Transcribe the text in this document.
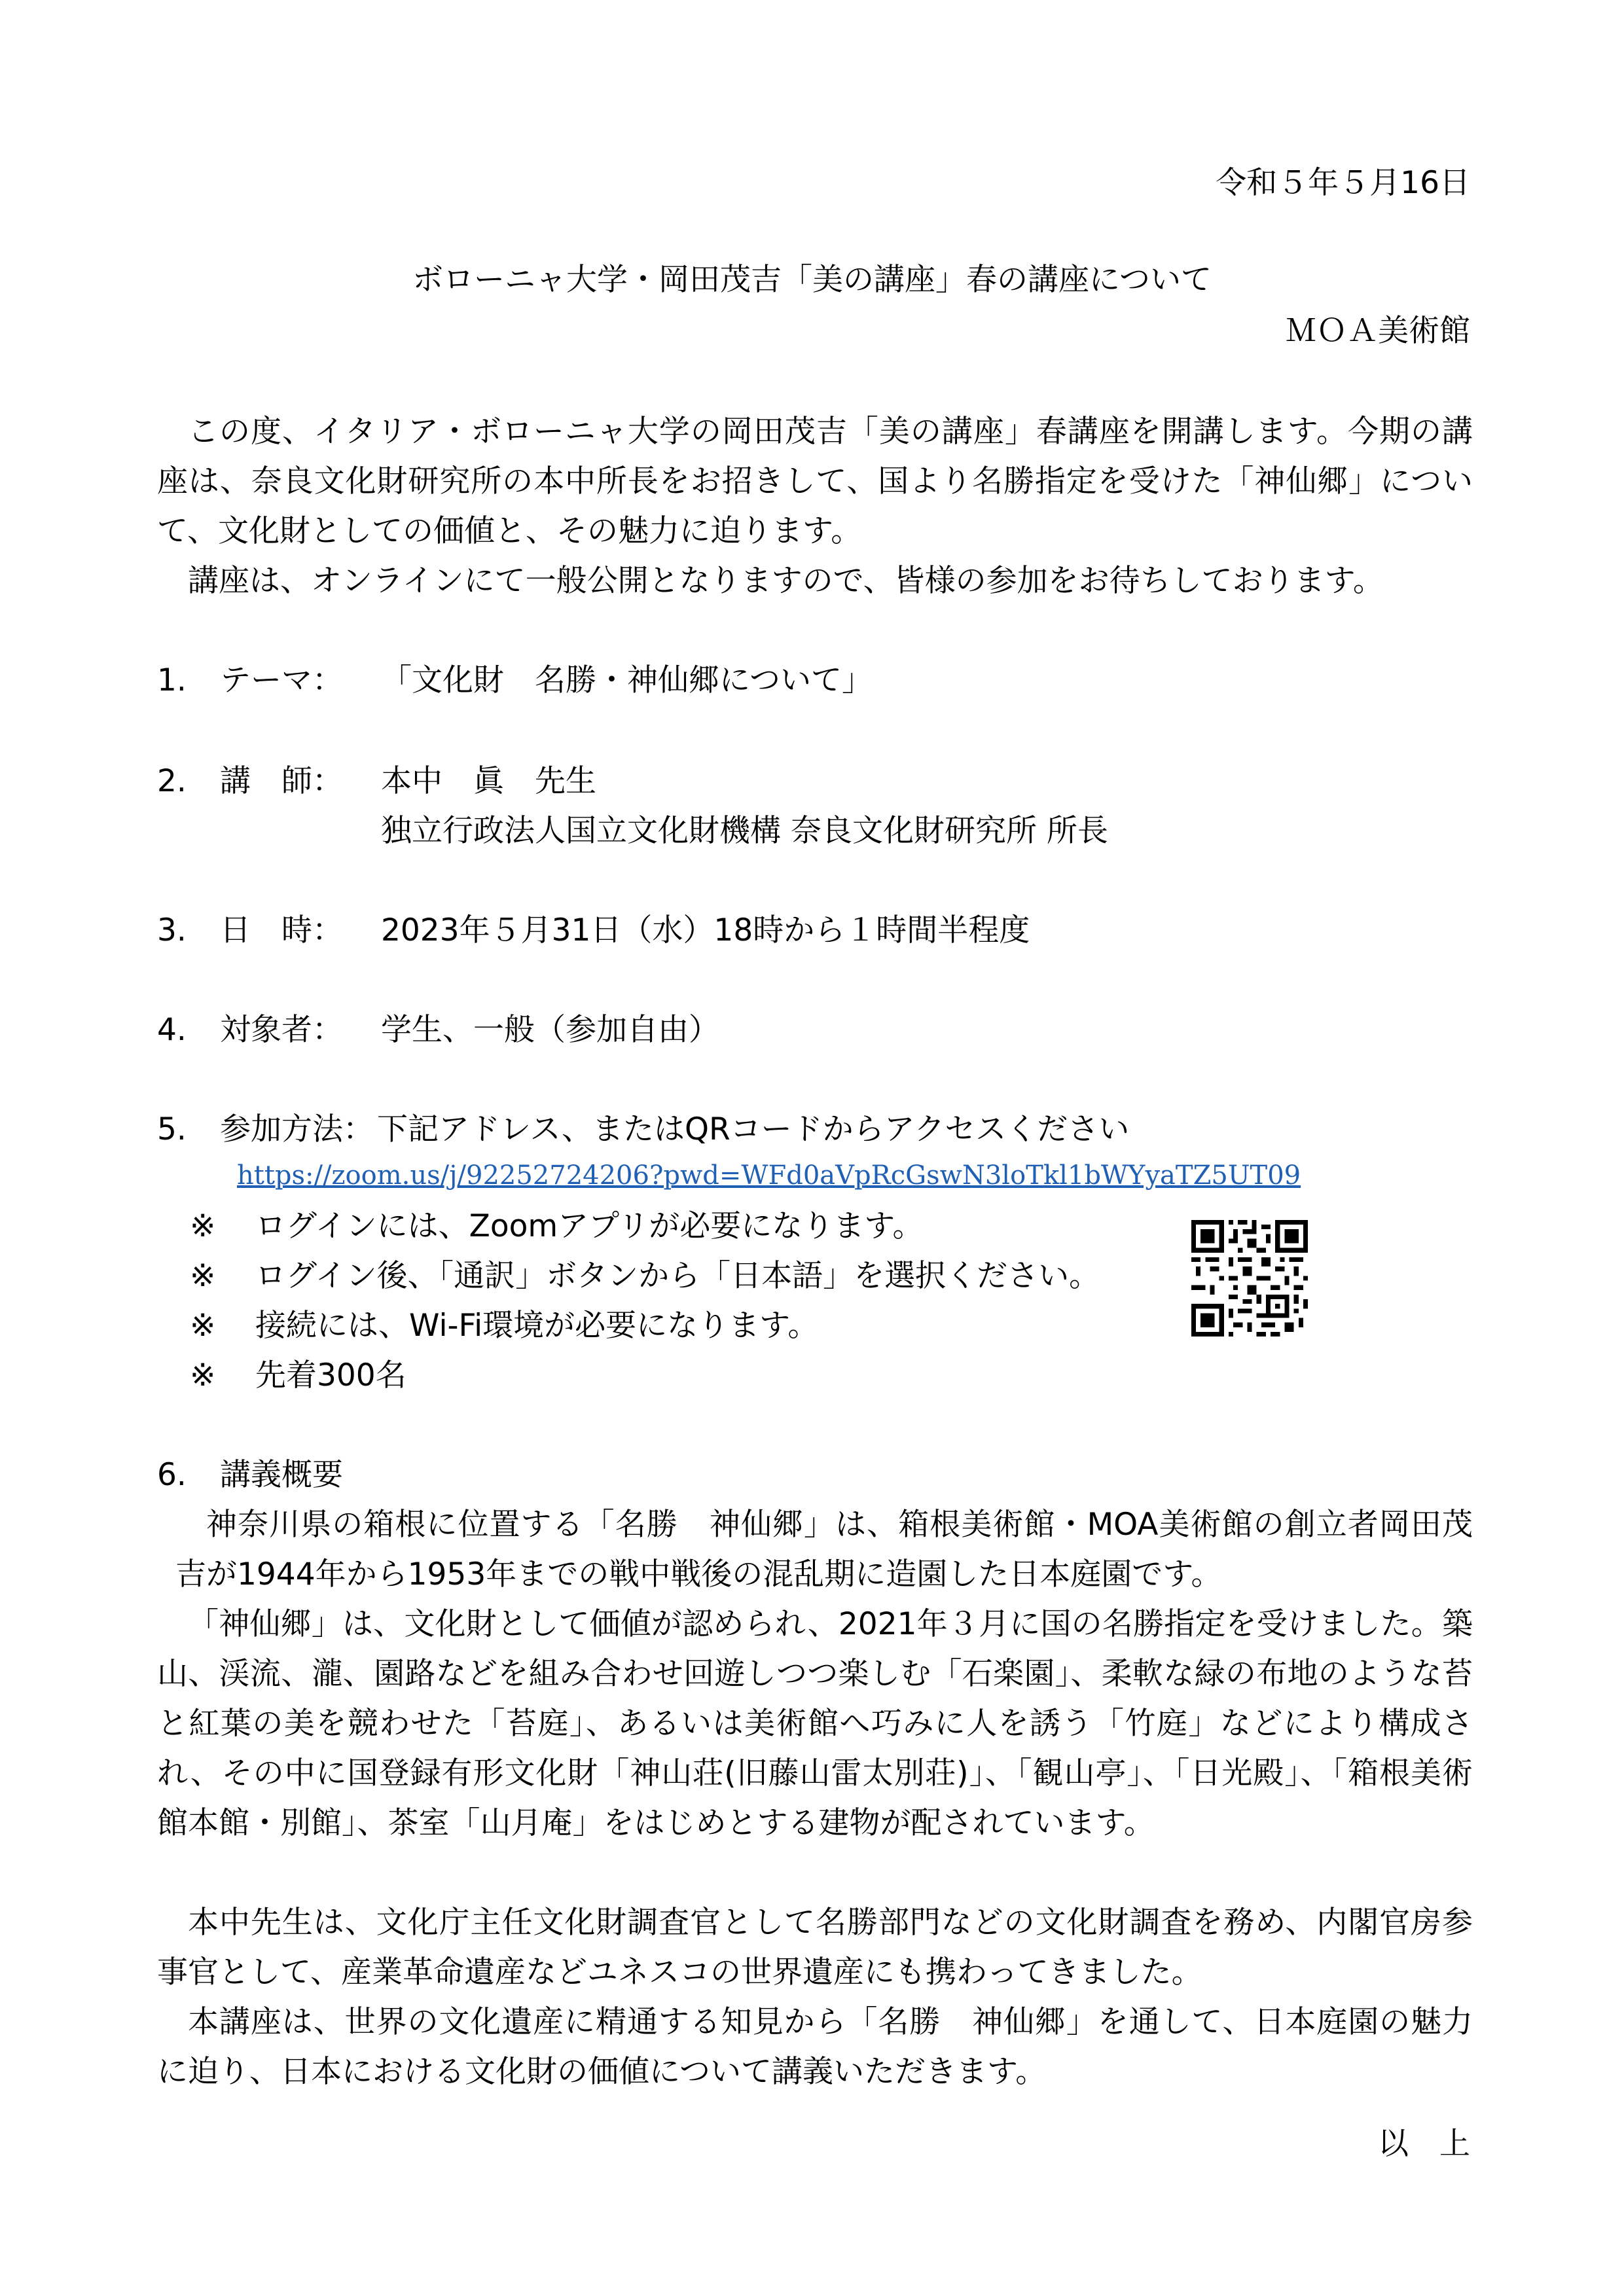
令和５年５月16日
ボローニャ大学・岡田茂吉「美の講座」春の講座について
ＭＯＡ美術館
この度、イタリア・ボローニャ大学の岡田茂吉「美の講座」春講座を開講します。今期の講座は、奈良文化財研究所の本中所長をお招きして、国より名勝指定を受けた「神仙郷」について、文化財としての価値と、その魅力に迫ります。
講座は、オンラインにて一般公開となりますので、皆様の参加をお待ちしております。
1. テーマ： 「文化財　名勝・神仙郷について」
2. 講　師： 本中　眞　先生
独立行政法人国立文化財機構 奈良文化財研究所 所長
3. 日　時： 2023年５月31日（水）18時から１時間半程度
4. 対象者： 学生、一般（参加自由）
5. 参加方法： 下記アドレス、またはQRコードからアクセスください
https://zoom.us/j/92252724206?pwd=WFd0aVpRcGswN3loTkl1bWYyaTZ5UT09
※ ログインには、Zoomアプリが必要になります。
※ ログイン後、「通訳」ボタンから「日本語」を選択ください。
※ 接続には、Wi-Fi環境が必要になります。
※ 先着300名
6. 講義概要
神奈川県の箱根に位置する「名勝　神仙郷」は、箱根美術館・MOA美術館の創立者岡田茂吉が1944年から1953年までの戦中戦後の混乱期に造園した日本庭園です。
「神仙郷」は、文化財として価値が認められ、2021年３月に国の名勝指定を受けました。築山、渓流、瀧、園路などを組み合わせ回遊しつつ楽しむ「石楽園」、柔軟な緑の布地のような苔と紅葉の美を競わせた「苔庭」、あるいは美術館へ巧みに人を誘う「竹庭」などにより構成され、その中に国登録有形文化財「神山荘(旧藤山雷太別荘)」、「観山亭」、「日光殿」、「箱根美術館本館・別館」、茶室「山月庵」をはじめとする建物が配されています。
本中先生は、文化庁主任文化財調査官として名勝部門などの文化財調査を務め、内閣官房参事官として、産業革命遺産などユネスコの世界遺産にも携わってきました。
本講座は、世界の文化遺産に精通する知見から「名勝　神仙郷」を通して、日本庭園の魅力に迫り、日本における文化財の価値について講義いただきます。
以　上
